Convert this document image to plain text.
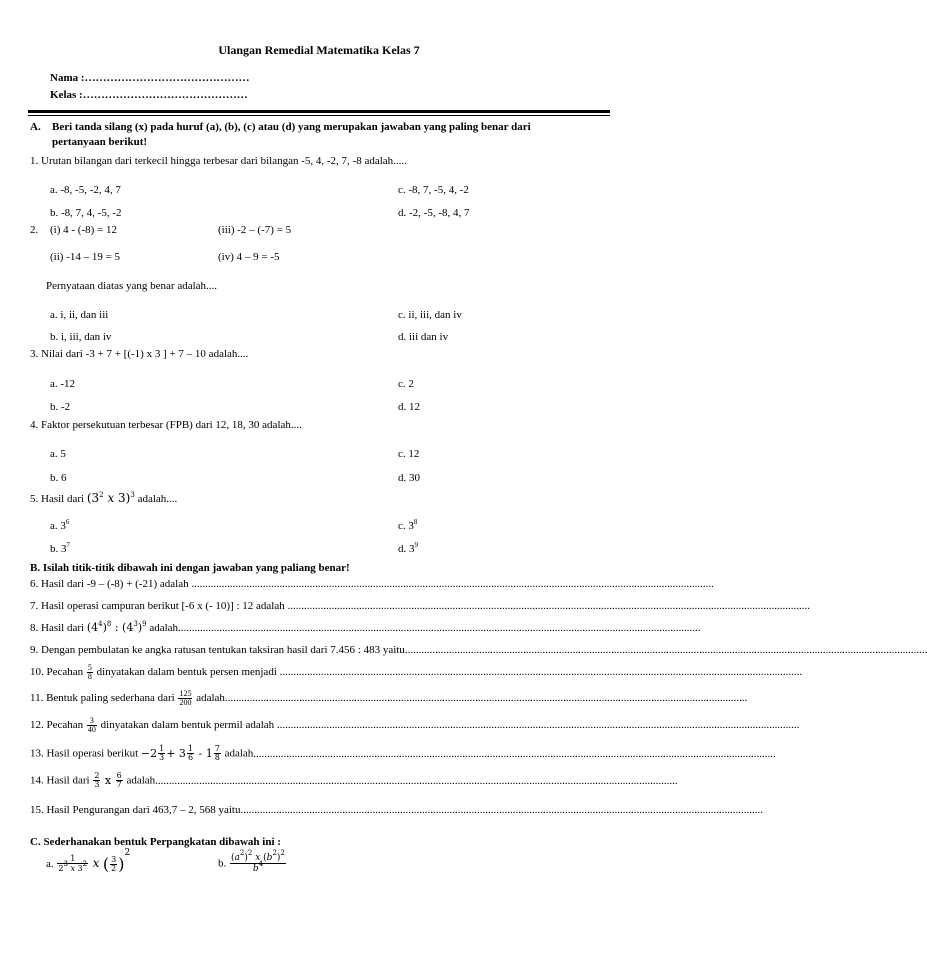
Ulangan Remedial Matematika Kelas 7
Nama :………………………………………
Kelas :………………………………………
A. Beri tanda silang (x) pada huruf (a), (b), (c) atau (d) yang merupakan jawaban yang paling benar dari
pertanyaan berikut!
1. Urutan bilangan dari terkecil hingga terbesar dari bilangan -5, 4, -2, 7, -8 adalah.....
a. -8, -5, -2, 4, 7	c. -8, 7, -5, 4, -2
b. -8, 7, 4, -5, -2	d. -2, -5, -8, 4, 7
2. (i) 4 - (-8) = 12	(iii) -2 – (-7) = 5
(ii) -14 – 19 = 5	(iv) 4 – 9 = -5
Pernyataan diatas yang benar adalah....
a. i, ii, dan iii	c. ii, iii, dan iv
b. i, iii, dan iv	d. iii dan iv
3. Nilai dari -3 + 7 + [(-1) x 3 ] + 7 – 10 adalah....
a. -12	c. 2
b. -2	d. 12
4. Faktor persekutuan terbesar (FPB) dari 12, 18, 30 adalah....
a. 5	c. 12
b. 6	d. 30
5. Hasil dari ($3^2$ x 3)$^3$ adalah....
a. $3^6$	c. $3^8$
b. $3^7$	d. $3^9$
B. Isilah titik-titik dibawah ini dengan jawaban yang paliang benar!
6. Hasil dari -9 – (-8) + (-21) adalah ..............................................................................................................................................................................................
7. Hasil operasi campuran berikut [-6 x (- 10)] : 12 adalah ..............................................................................................................................................................................................
8. Hasil dari $(4^4)^8$ : $(4^3)^9$ adalah..............................................................................................................................................................................................
9. Dengan pembulatan ke angka ratusan tentukan taksiran hasil dari 7.456 : 483 yaitu..............................................................................................................................................................................................
10. Pecahan $\frac{5}{8}$ dinyatakan dalam bentuk persen menjadi ..............................................................................................................................................................................................
11. Bentuk paling sederhana dari $\frac{125}{200}$ adalah..............................................................................................................................................................................................
12. Pecahan $\frac{3}{40}$ dinyatakan dalam bentuk permil adalah ..............................................................................................................................................................................................
13. Hasil operasi berikut $-2 \frac{1}{3} + 3 \frac{1}{6} - 1 \frac{7}{8}$ adalah..............................................................................................................................................................................................
14. Hasil dari $\frac{2}{3}$ x $\frac{6}{7}$ adalah..............................................................................................................................................................................................
15. Hasil Pengurangan dari 463,7 – 2, 568 yaitu..............................................................................................................................................................................................
C. Sederhanakan bentuk Perpangkatan dibawah ini :
a. $\frac{1}{2^3 x 3^2}$ x ( $\frac{3}{2} )^2$
b. $\frac{(a^2)^2 x (b^2)^2}{b^4}$
